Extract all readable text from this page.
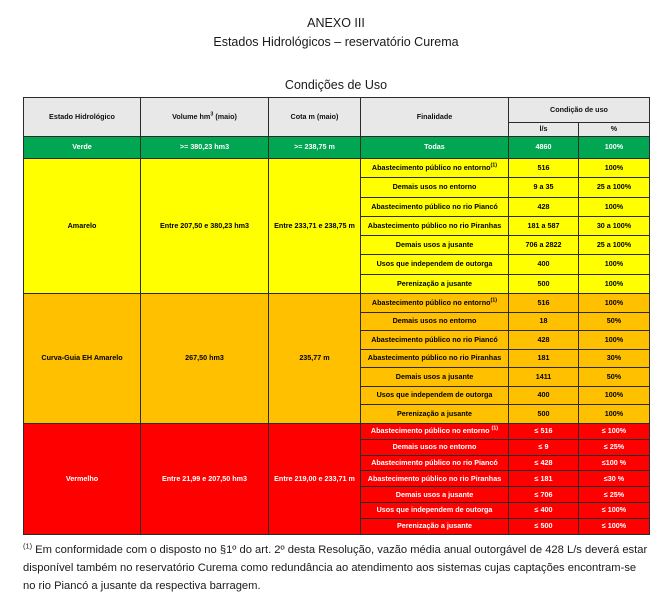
ANEXO III
Estados Hidrológicos – reservatório Curema
Condições de Uso
Estado Hidrológico	Volume $hm^3$ (maio)	Cota m (maio)	Finalidade	Condição de uso	
				l/s	%
Verde	>= 380,23 hm3	>= 238,75 m	Todas	4860	100%
Amarelo	Entre 207,50 e 380,23 hm3	Entre 233,71 e 238,75 m	Abastecimento público no entorno$^{(1)}$	516	100%
			Demais usos no entorno	9 a 35	25 a 100%
			Abastecimento público no rio Piancó	428	100%
			Abastecimento público no rio Piranhas	181 a 587	30 a 100%
			Demais usos a jusante	706 a 2822	25 a 100%
			Usos que independem de outorga	400	100%
			Perenização a jusante	500	100%
Curva-Guia EH Amarelo	267,50 hm3	235,77 m	Abastecimento público no entorno$^{(1)}$	516	100%
			Demais usos no entorno	18	50%
			Abastecimento público no rio Piancó	428	100%
			Abastecimento público no rio Piranhas	181	30%
			Demais usos a jusante	1411	50%
			Usos que independem de outorga	400	100%
			Perenização a jusante	500	100%
Vermelho	Entre 21,99 e 207,50 hm3	Entre 219,00 e 233,71 m	Abastecimento público no entorno $^{(1)}$	≤ 516	≤ 100%
			Demais usos no entorno	≤ 9	≤ 25%
			Abastecimento público no rio Piancó	≤ 428	≤100 %
			Abastecimento público no rio Piranhas	≤ 181	≤30 %
			Demais usos a jusante	≤ 706	≤ 25%
			Usos que independem de outorga	≤ 400	≤ 100%
			Perenização a jusante	≤ 500	≤ 100%
$^{(1)}$ Em conformidade com o disposto no §1º do art. 2º desta Resolução, vazão média anual outorgável de 428 L/s deverá estar disponível também no reservatório Curema como redundância ao atendimento aos sistemas cujas captações encontram-se no rio Piancó a jusante da respectiva barragem.
